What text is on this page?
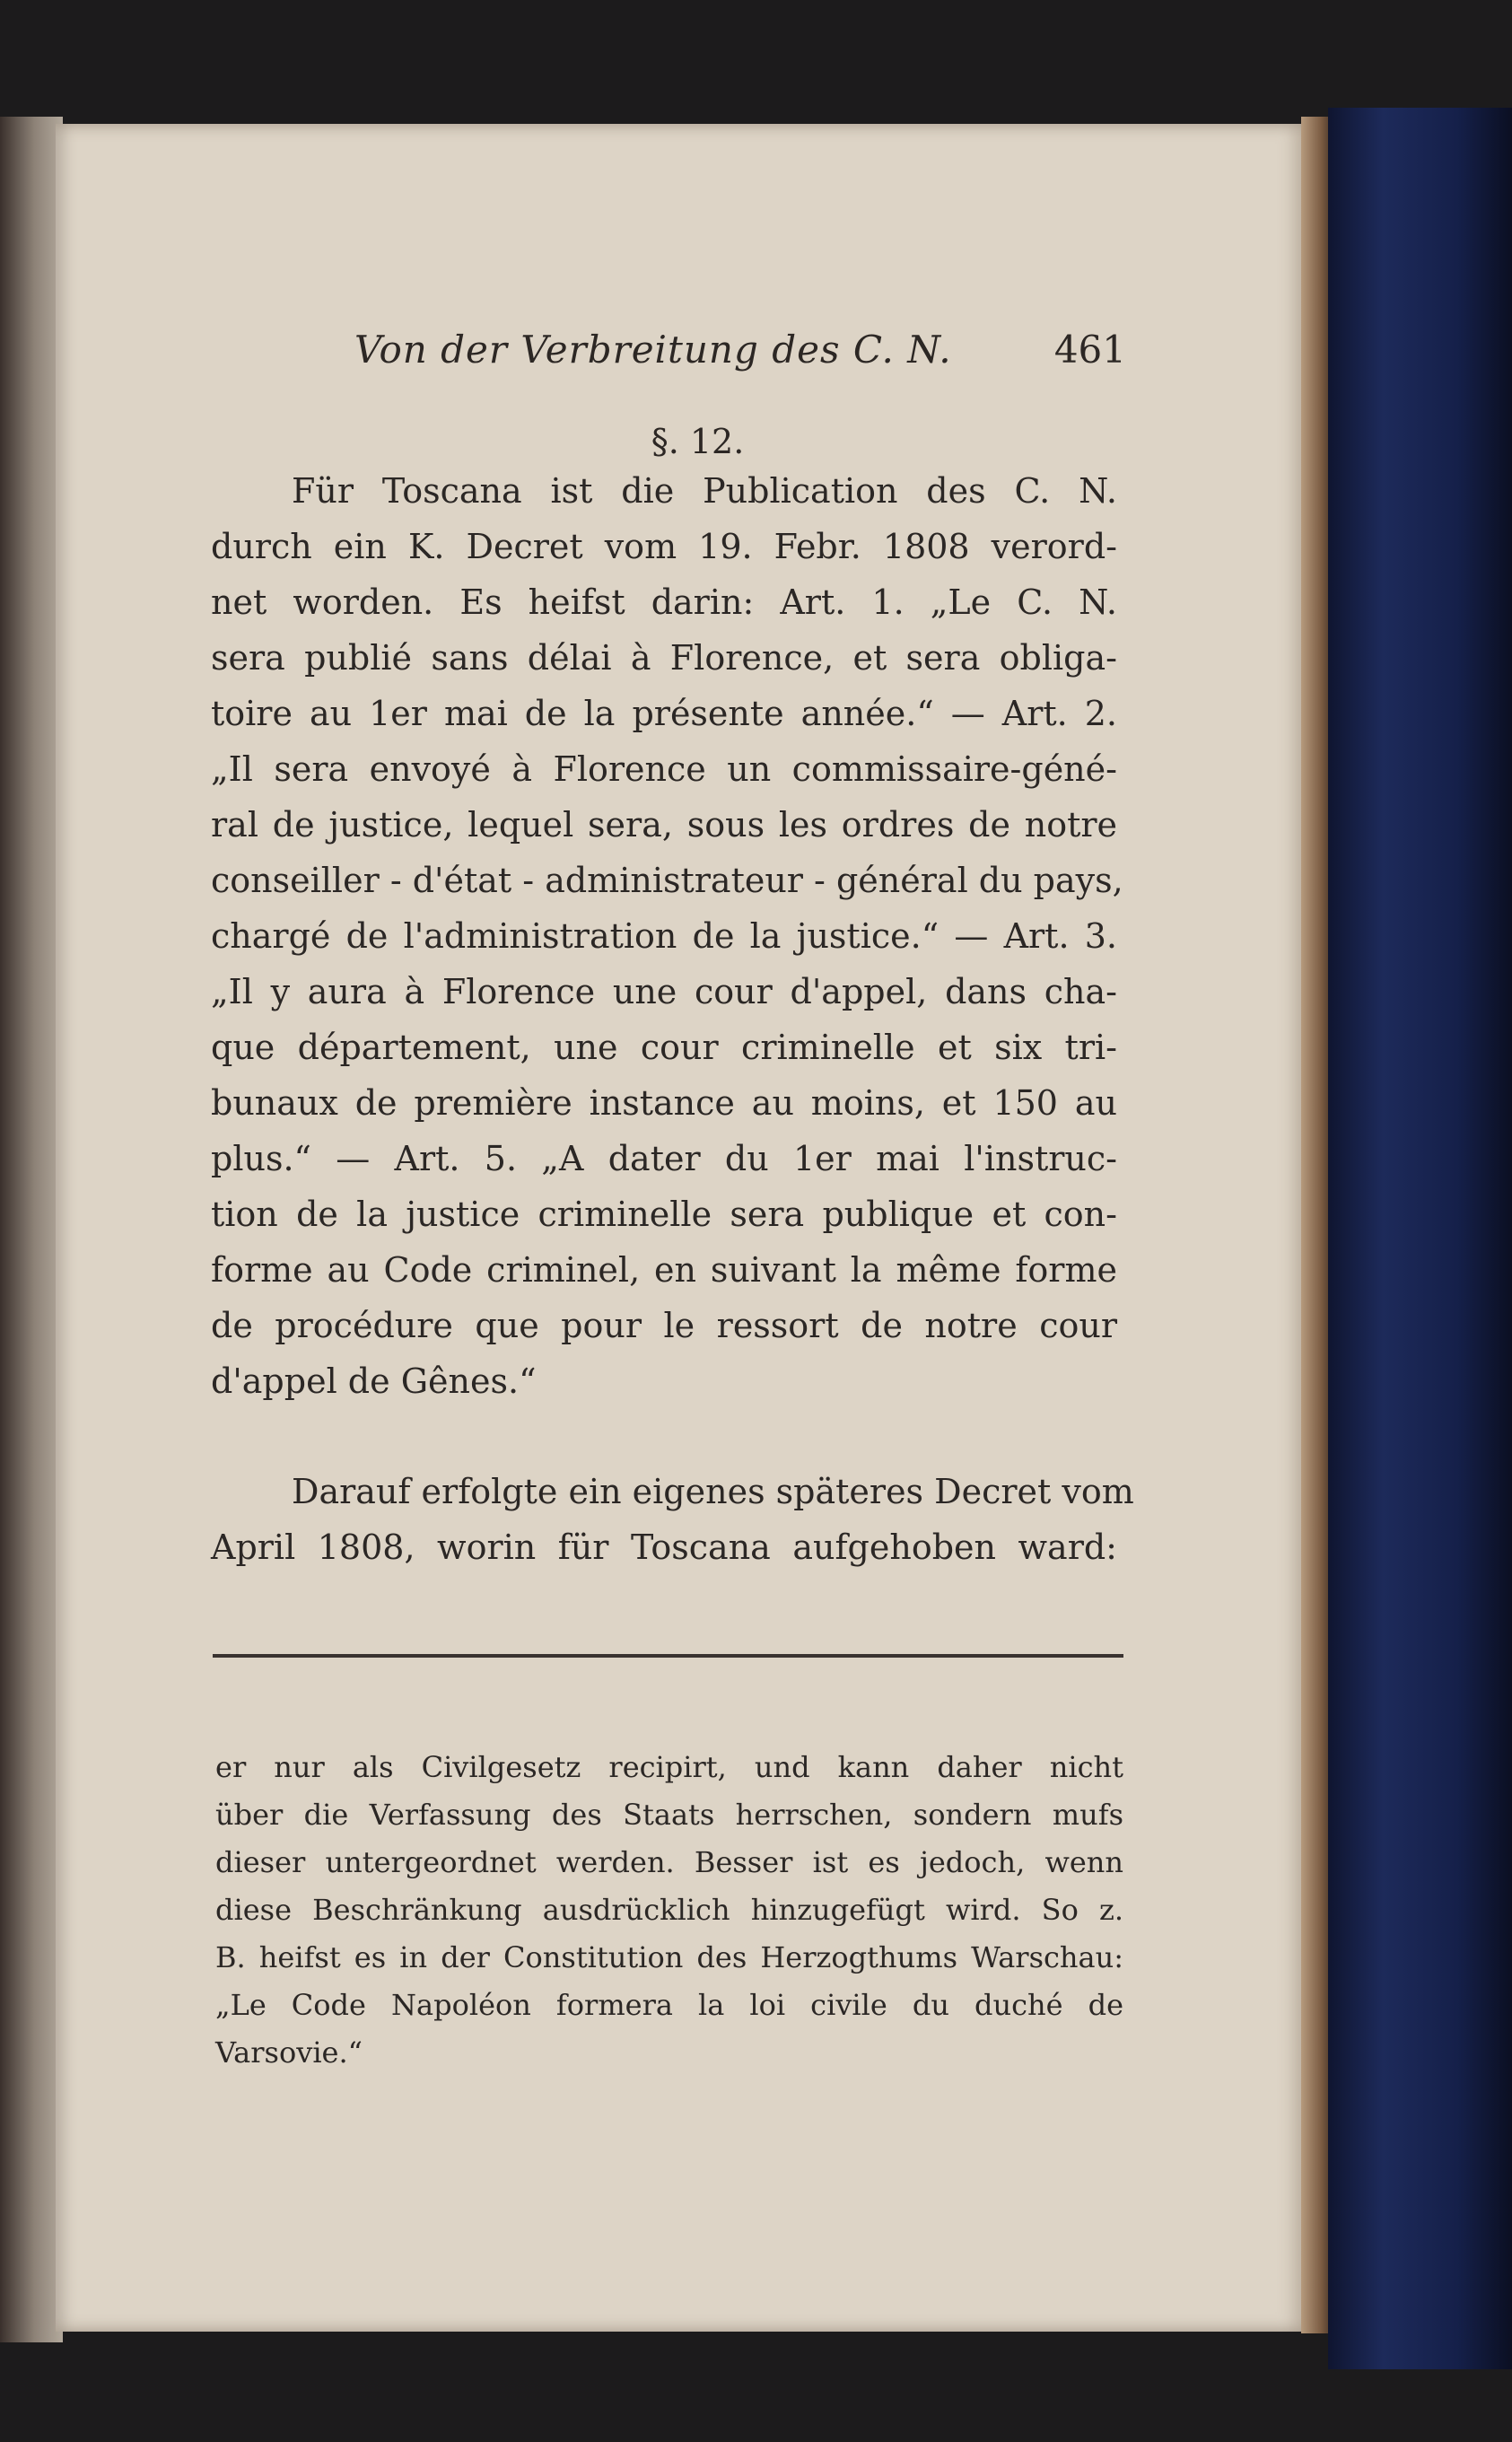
Von der Verbreitung des C. N.	461
§. 12.
Für Toscana ist die Publication des C. N.
durch ein K. Decret vom 19. Febr. 1808 verord-
net worden. Es heifst darin: Art. 1. „Le C. N.
sera publié sans délai à Florence, et sera obliga-
toire au 1er mai de la présente année.“ — Art. 2.
„Il sera envoyé à Florence un commissaire-géné-
ral de justice, lequel sera, sous les ordres de notre
conseiller - d'état - administrateur - général du pays,
chargé de l'administration de la justice.“ — Art. 3.
„Il y aura à Florence une cour d'appel, dans cha-
que département, une cour criminelle et six tri-
bunaux de première instance au moins, et 150 au
plus.“ — Art. 5. „A dater du 1er mai l'instruc-
tion de la justice criminelle sera publique et con-
forme au Code criminel, en suivant la même forme
de procédure que pour le ressort de notre cour
d'appel de Gênes.“
Darauf erfolgte ein eigenes späteres Decret vom
April 1808, worin für Toscana aufgehoben ward:
er nur als Civilgesetz recipirt, und kann daher nicht
über die Verfassung des Staats herrschen, sondern mufs
dieser untergeordnet werden. Besser ist es jedoch, wenn
diese Beschränkung ausdrücklich hinzugefügt wird. So z.
B. heifst es in der Constitution des Herzogthums Warschau:
„Le Code Napoléon formera la loi civile du duché de
Varsovie.“
